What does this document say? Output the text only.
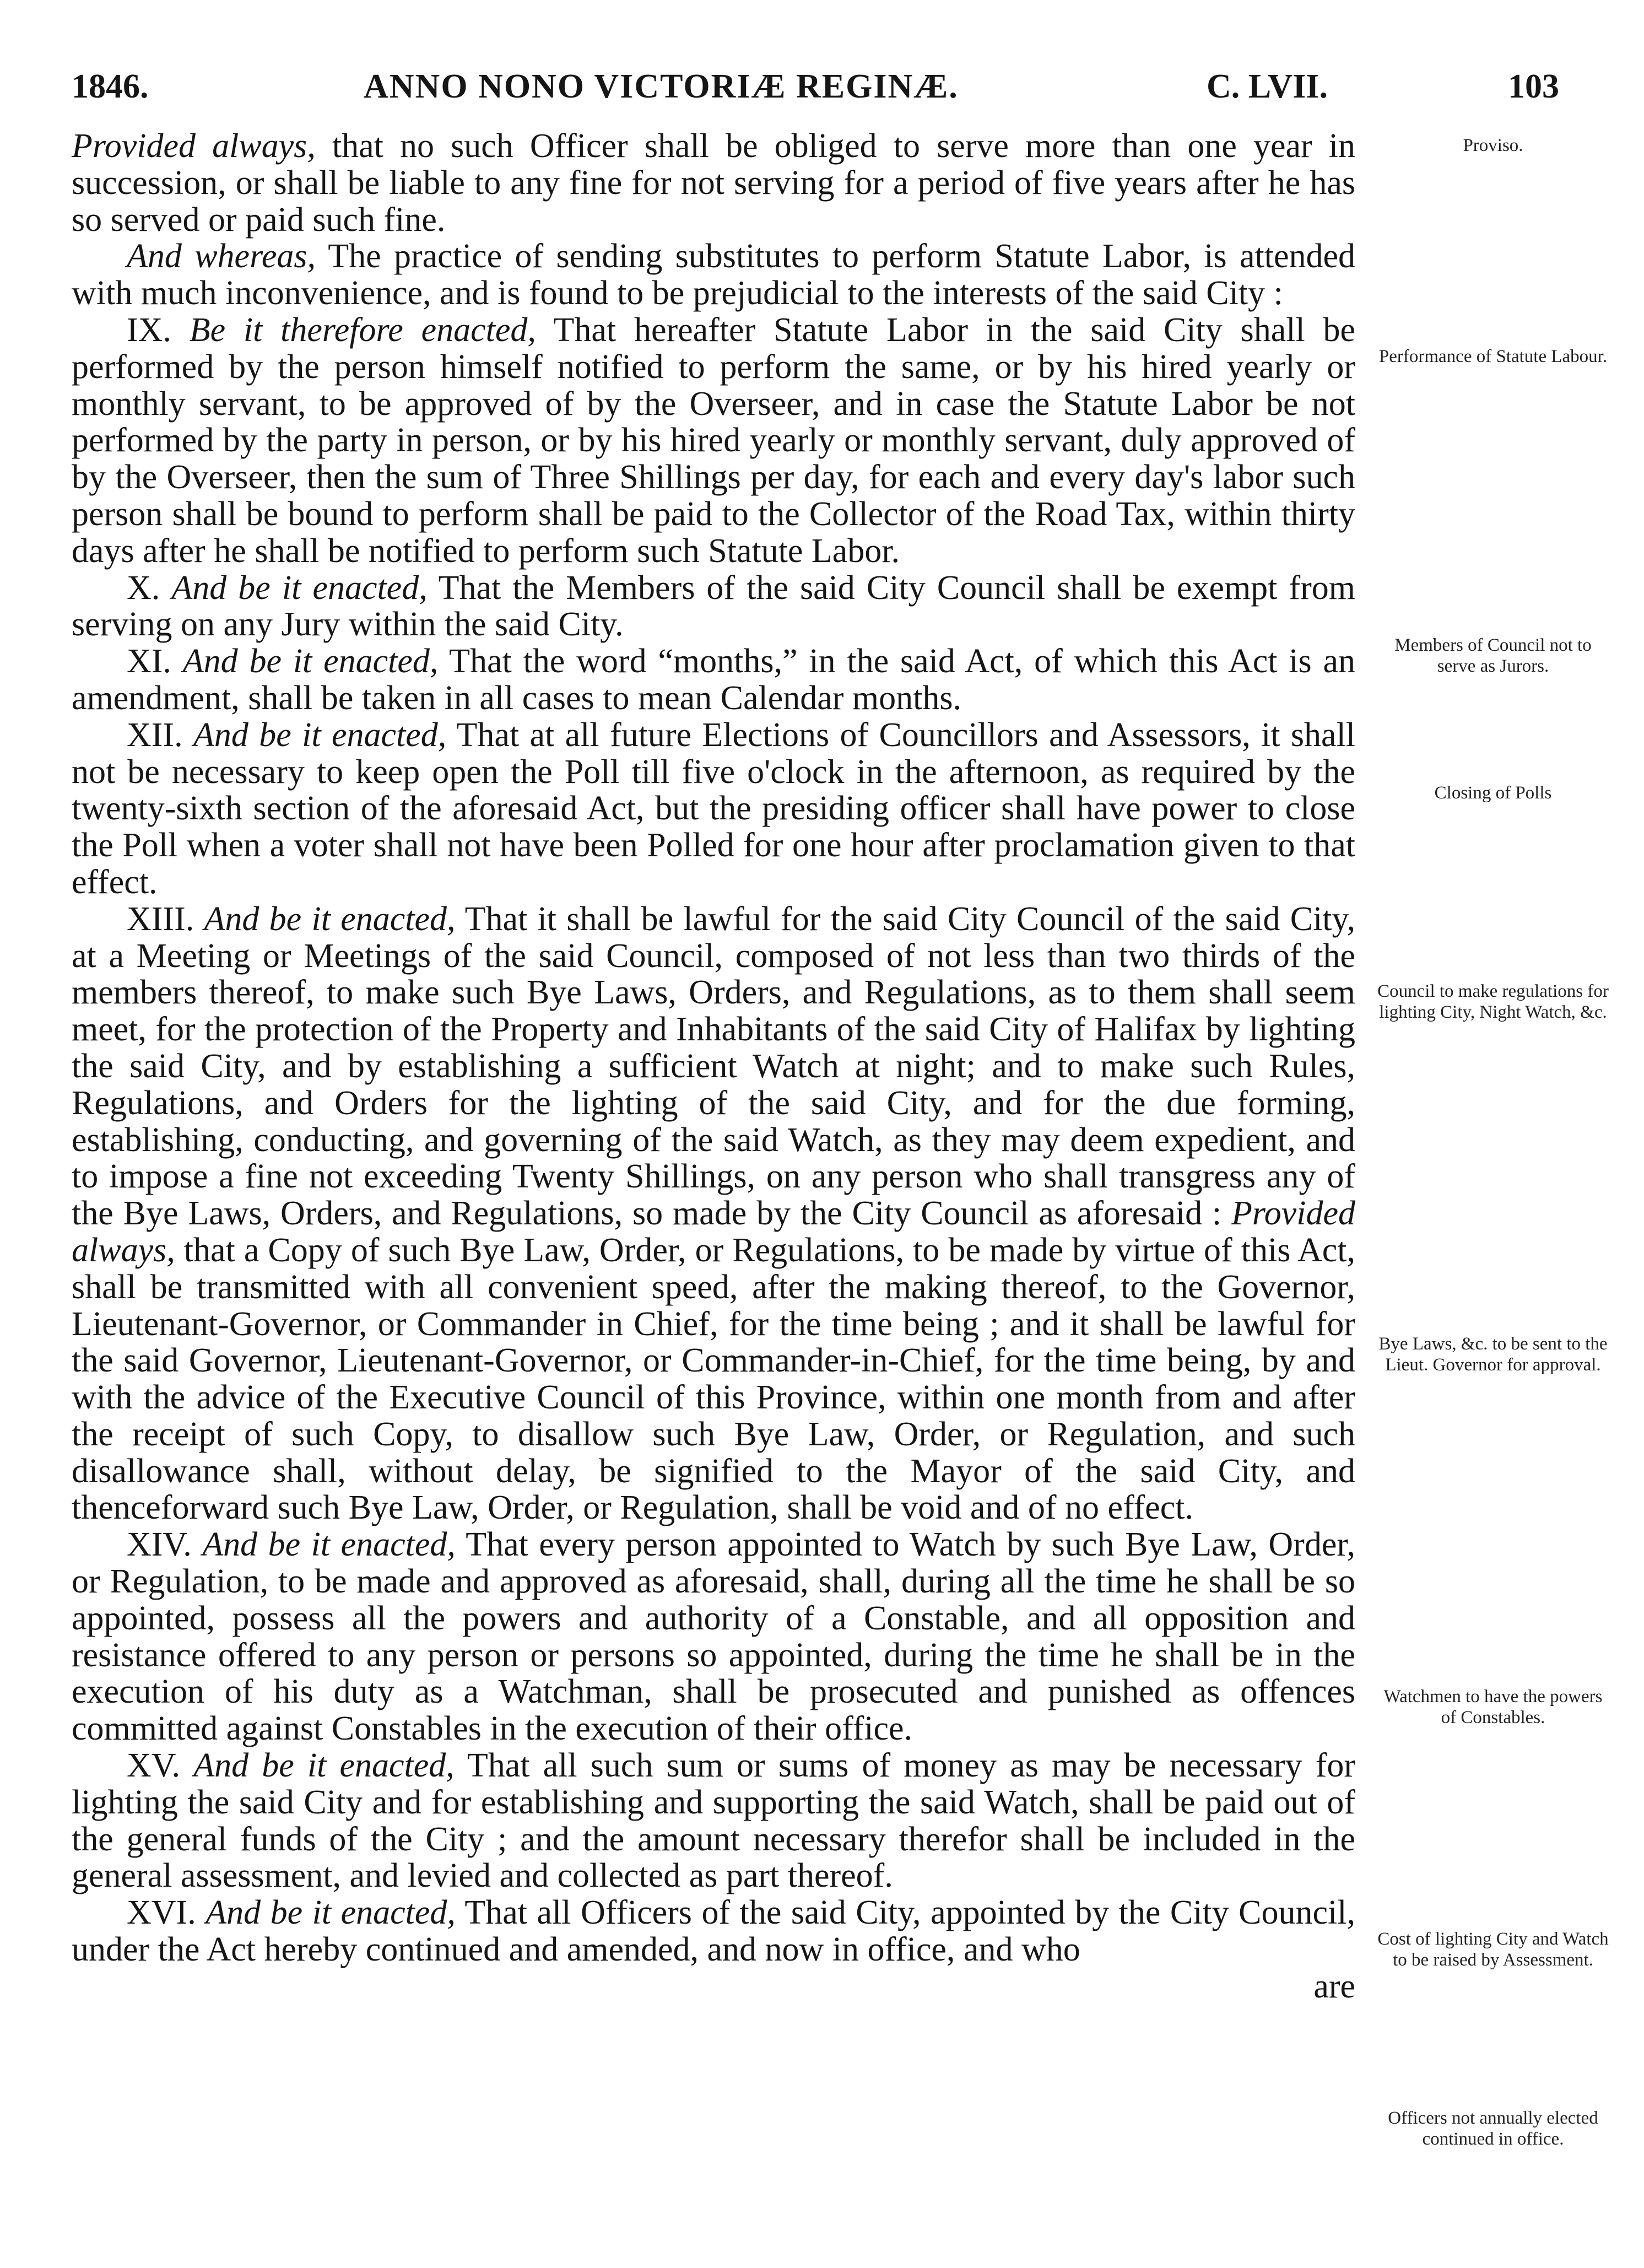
1846.	ANNO NONO VICTORIÆ REGINÆ.	C. LVII.	103

Provided always, that no such Officer shall be obliged to serve more than one year in succession, or shall be liable to any fine for not serving for a period of five years after he has so served or paid such fine.

And whereas, The practice of sending substitutes to perform Statute Labor, is attended with much inconvenience, and is found to be prejudicial to the interests of the said City :

IX. Be it therefore enacted, That hereafter Statute Labor in the said City shall be performed by the person himself notified to perform the same, or by his hired yearly or monthly servant, to be approved of by the Overseer, and in case the Statute Labor be not performed by the party in person, or by his hired yearly or monthly servant, duly approved of by the Overseer, then the sum of Three Shillings per day, for each and every day's labor such person shall be bound to perform shall be paid to the Collector of the Road Tax, within thirty days after he shall be notified to perform such Statute Labor.

X. And be it enacted, That the Members of the said City Council shall be exempt from serving on any Jury within the said City.

XI. And be it enacted, That the word “months,” in the said Act, of which this Act is an amendment, shall be taken in all cases to mean Calendar months.

XII. And be it enacted, That at all future Elections of Councillors and Assessors, it shall not be necessary to keep open the Poll till five o'clock in the afternoon, as required by the twenty-sixth section of the aforesaid Act, but the presiding officer shall have power to close the Poll when a voter shall not have been Polled for one hour after proclamation given to that effect.

XIII. And be it enacted, That it shall be lawful for the said City Council of the said City, at a Meeting or Meetings of the said Council, composed of not less than two thirds of the members thereof, to make such Bye Laws, Orders, and Regulations, as to them shall seem meet, for the protection of the Property and Inhabitants of the said City of Halifax by lighting the said City, and by establishing a sufficient Watch at night; and to make such Rules, Regulations, and Orders for the lighting of the said City, and for the due forming, establishing, conducting, and governing of the said Watch, as they may deem expedient, and to impose a fine not exceeding Twenty Shillings, on any person who shall transgress any of the Bye Laws, Orders, and Regulations, so made by the City Council as aforesaid : Provided always, that a Copy of such Bye Law, Order, or Regulations, to be made by virtue of this Act, shall be transmitted with all convenient speed, after the making thereof, to the Governor, Lieutenant-Governor, or Commander in Chief, for the time being ; and it shall be lawful for the said Governor, Lieutenant-Governor, or Commander-in-Chief, for the time being, by and with the advice of the Executive Council of this Province, within one month from and after the receipt of such Copy, to disallow such Bye Law, Order, or Regulation, and such disallowance shall, without delay, be signified to the Mayor of the said City, and thenceforward such Bye Law, Order, or Regulation, shall be void and of no effect.

XIV. And be it enacted, That every person appointed to Watch by such Bye Law, Order, or Regulation, to be made and approved as aforesaid, shall, during all the time he shall be so appointed, possess all the powers and authority of a Constable, and all opposition and resistance offered to any person or persons so appointed, during the time he shall be in the execution of his duty as a Watchman, shall be prosecuted and punished as offences committed against Constables in the execution of their office.

XV. And be it enacted, That all such sum or sums of money as may be necessary for lighting the said City and for establishing and supporting the said Watch, shall be paid out of the general funds of the City ; and the amount necessary therefor shall be included in the general assessment, and levied and collected as part thereof.

XVI. And be it enacted, That all Officers of the said City, appointed by the City Council, under the Act hereby continued and amended, and now in office, and who

are

Proviso.
Performance of Statute Labour.
Members of Council not to serve as Jurors.
Closing of Polls
Council to make regulations for lighting City, Night Watch, &c.
Bye Laws, &c. to be sent to the Lieut. Governor for approval.
Watchmen to have the powers of Constables.
Cost of lighting City and Watch to be raised by Assessment.
Officers not annually elected continued in office.
